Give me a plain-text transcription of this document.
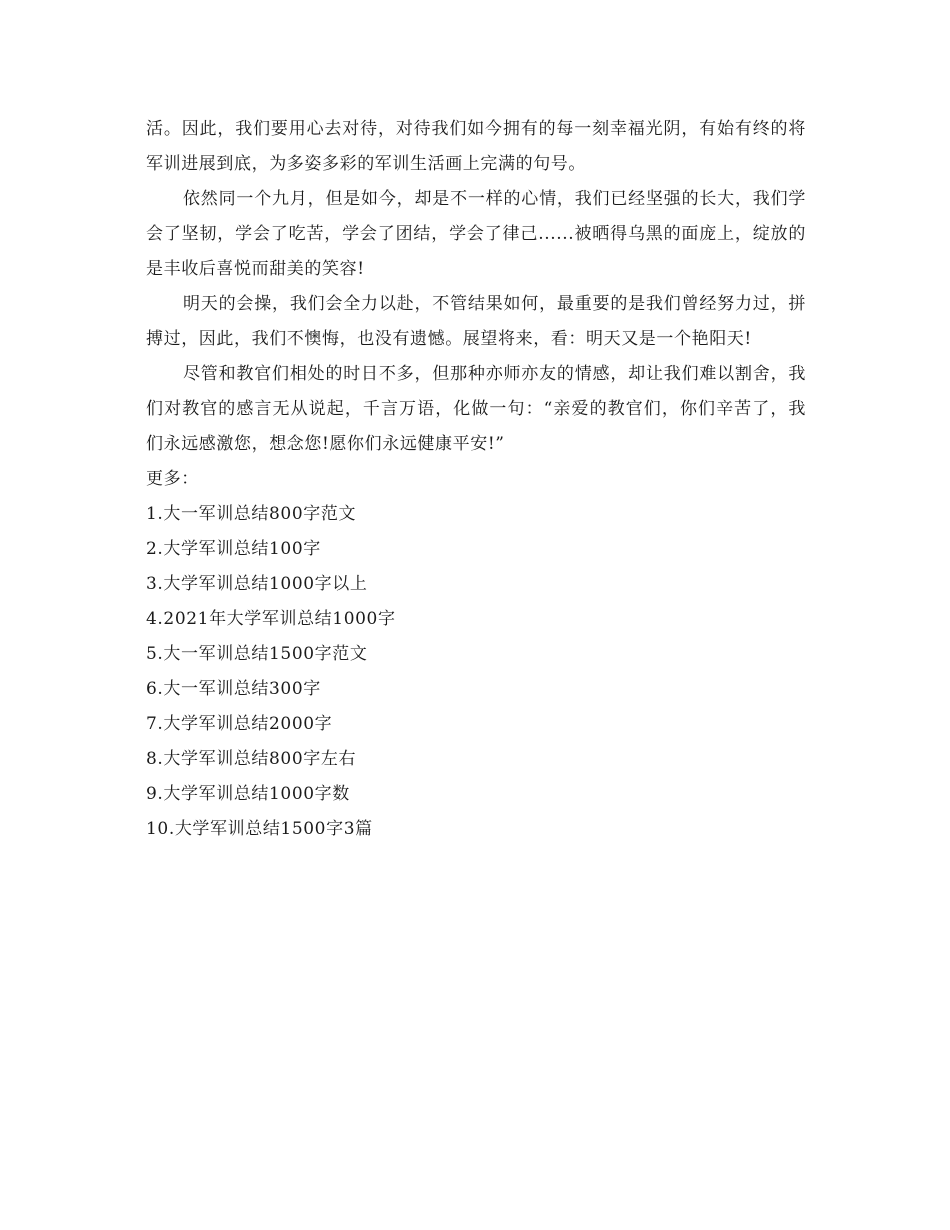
活。因此，我们要用心去对待，对待我们如今拥有的每一刻幸福光阴，有始有终的将军训进展到底，为多姿多彩的军训生活画上完满的句号。

依然同一个九月，但是如今，却是不一样的心情，我们已经坚强的长大，我们学会了坚韧，学会了吃苦，学会了团结，学会了律己......被晒得乌黑的面庞上，绽放的是丰收后喜悦而甜美的笑容!

明天的会操，我们会全力以赴，不管结果如何，最重要的是我们曾经努力过，拼搏过，因此，我们不懊悔，也没有遗憾。展望将来，看：明天又是一个艳阳天!

尽管和教官们相处的时日不多，但那种亦师亦友的情感，却让我们难以割舍，我们对教官的感言无从说起，千言万语，化做一句：“亲爱的教官们，你们辛苦了，我们永远感激您，想念您!愿你们永远健康平安!”

更多：

1.大一军训总结800字范文
2.大学军训总结100字
3.大学军训总结1000字以上
4.2021年大学军训总结1000字
5.大一军训总结1500字范文
6.大一军训总结300字
7.大学军训总结2000字
8.大学军训总结800字左右
9.大学军训总结1000字数
10.大学军训总结1500字3篇
